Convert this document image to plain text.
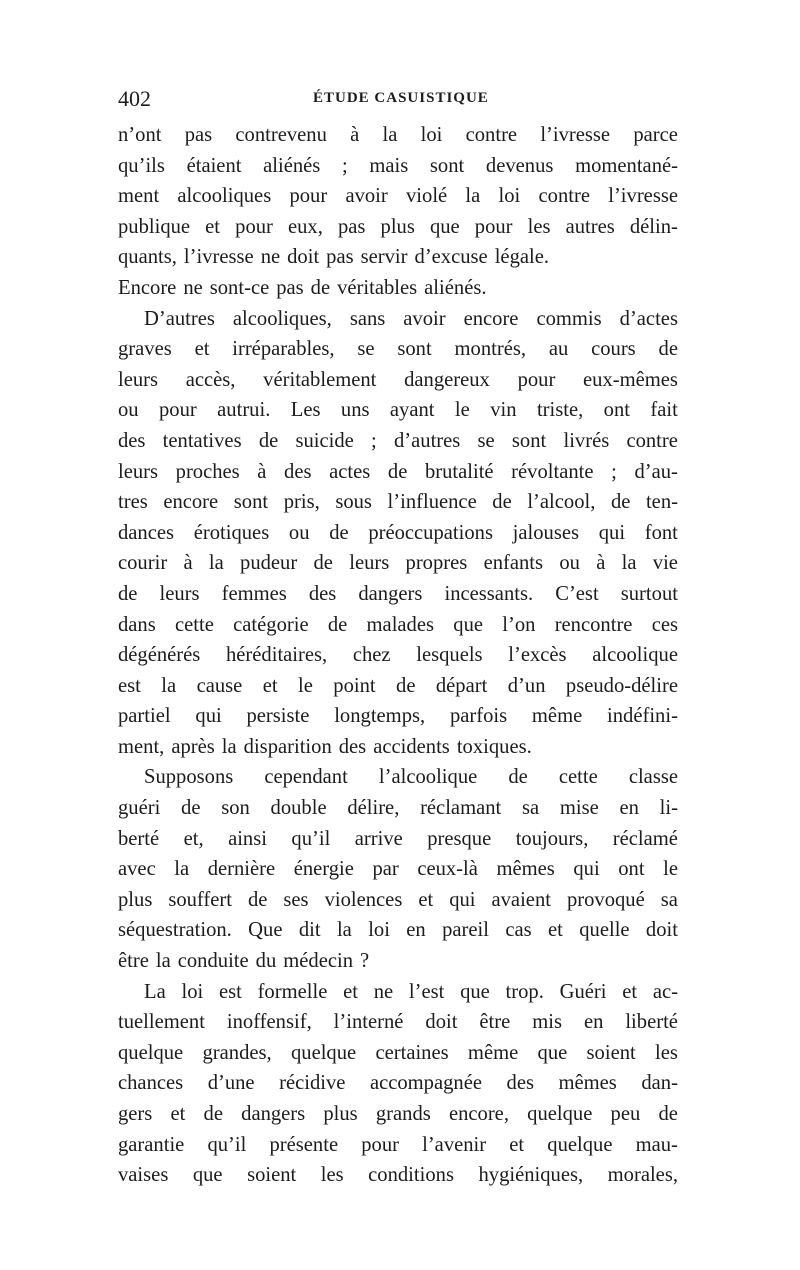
402	ÉTUDE CASUISTIQUE
n’ont pas contrevenu à la loi contre l’ivresse parce
qu’ils étaient aliénés ; mais sont devenus momentané-
ment alcooliques pour avoir violé la loi contre l’ivresse
publique et pour eux, pas plus que pour les autres délin-
quants, l’ivresse ne doit pas servir d’excuse légale.
Encore ne sont-ce pas de véritables aliénés.
D’autres alcooliques, sans avoir encore commis d’actes
graves et irréparables, se sont montrés, au cours de
leurs accès, véritablement dangereux pour eux-mêmes
ou pour autrui. Les uns ayant le vin triste, ont fait
des tentatives de suicide ; d’autres se sont livrés contre
leurs proches à des actes de brutalité révoltante ; d’au-
tres encore sont pris, sous l’influence de l’alcool, de ten-
dances érotiques ou de préoccupations jalouses qui font
courir à la pudeur de leurs propres enfants ou à la vie
de leurs femmes des dangers incessants. C’est surtout
dans cette catégorie de malades que l’on rencontre ces
dégénérés héréditaires, chez lesquels l’excès alcoolique
est la cause et le point de départ d’un pseudo-délire
partiel qui persiste longtemps, parfois même indéfini-
ment, après la disparition des accidents toxiques.
Supposons cependant l’alcoolique de cette classe
guéri de son double délire, réclamant sa mise en li-
berté et, ainsi qu’il arrive presque toujours, réclamé
avec la dernière énergie par ceux-là mêmes qui ont le
plus souffert de ses violences et qui avaient provoqué sa
séquestration. Que dit la loi en pareil cas et quelle doit
être la conduite du médecin ?
La loi est formelle et ne l’est que trop. Guéri et ac-
tuellement inoffensif, l’interné doit être mis en liberté
quelque grandes, quelque certaines même que soient les
chances d’une récidive accompagnée des mêmes dan-
gers et de dangers plus grands encore, quelque peu de
garantie qu’il présente pour l’avenir et quelque mau-
vaises que soient les conditions hygiéniques, morales,
